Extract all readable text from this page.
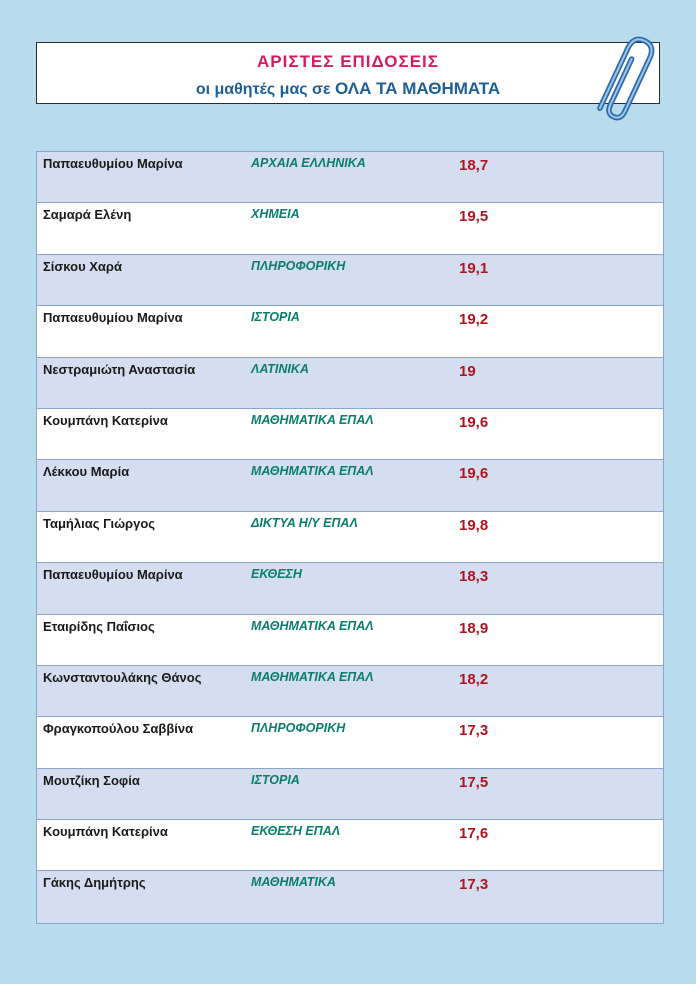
ΑΡΙΣΤΕΣ ΕΠΙΔΟΣΕΙΣ
οι μαθητές μας σε ΟΛΑ ΤΑ ΜΑΘΗΜΑΤΑ
Παπαευθυμίου Μαρίνα	ΑΡΧΑΙΑ ΕΛΛΗΝΙΚΑ	18,7
Σαμαρά Ελένη	ΧΗΜΕΙΑ	19,5
Σίσκου Χαρά	ΠΛΗΡΟΦΟΡΙΚΗ	19,1
Παπαευθυμίου Μαρίνα	ΙΣΤΟΡΙΑ	19,2
Νεστραμιώτη Αναστασία	ΛΑΤΙΝΙΚΑ	19
Κουμπάνη Κατερίνα	ΜΑΘΗΜΑΤΙΚΑ ΕΠΑΛ	19,6
Λέκκου Μαρία	ΜΑΘΗΜΑΤΙΚΑ ΕΠΑΛ	19,6
Ταμήλιας Γιώργος	ΔΙΚΤΥΑ Η/Υ ΕΠΑΛ	19,8
Παπαευθυμίου Μαρίνα	ΕΚΘΕΣΗ	18,3
Εταιρίδης Παΐσιος	ΜΑΘΗΜΑΤΙΚΑ ΕΠΑΛ	18,9
Κωνσταντουλάκης Θάνος	ΜΑΘΗΜΑΤΙΚΑ ΕΠΑΛ	18,2
Φραγκοπούλου Σαββίνα	ΠΛΗΡΟΦΟΡΙΚΗ	17,3
Μουτζίκη Σοφία	ΙΣΤΟΡΙΑ	17,5
Κουμπάνη Κατερίνα	ΕΚΘΕΣΗ ΕΠΑΛ	17,6
Γάκης Δημήτρης	ΜΑΘΗΜΑΤΙΚΑ	17,3
